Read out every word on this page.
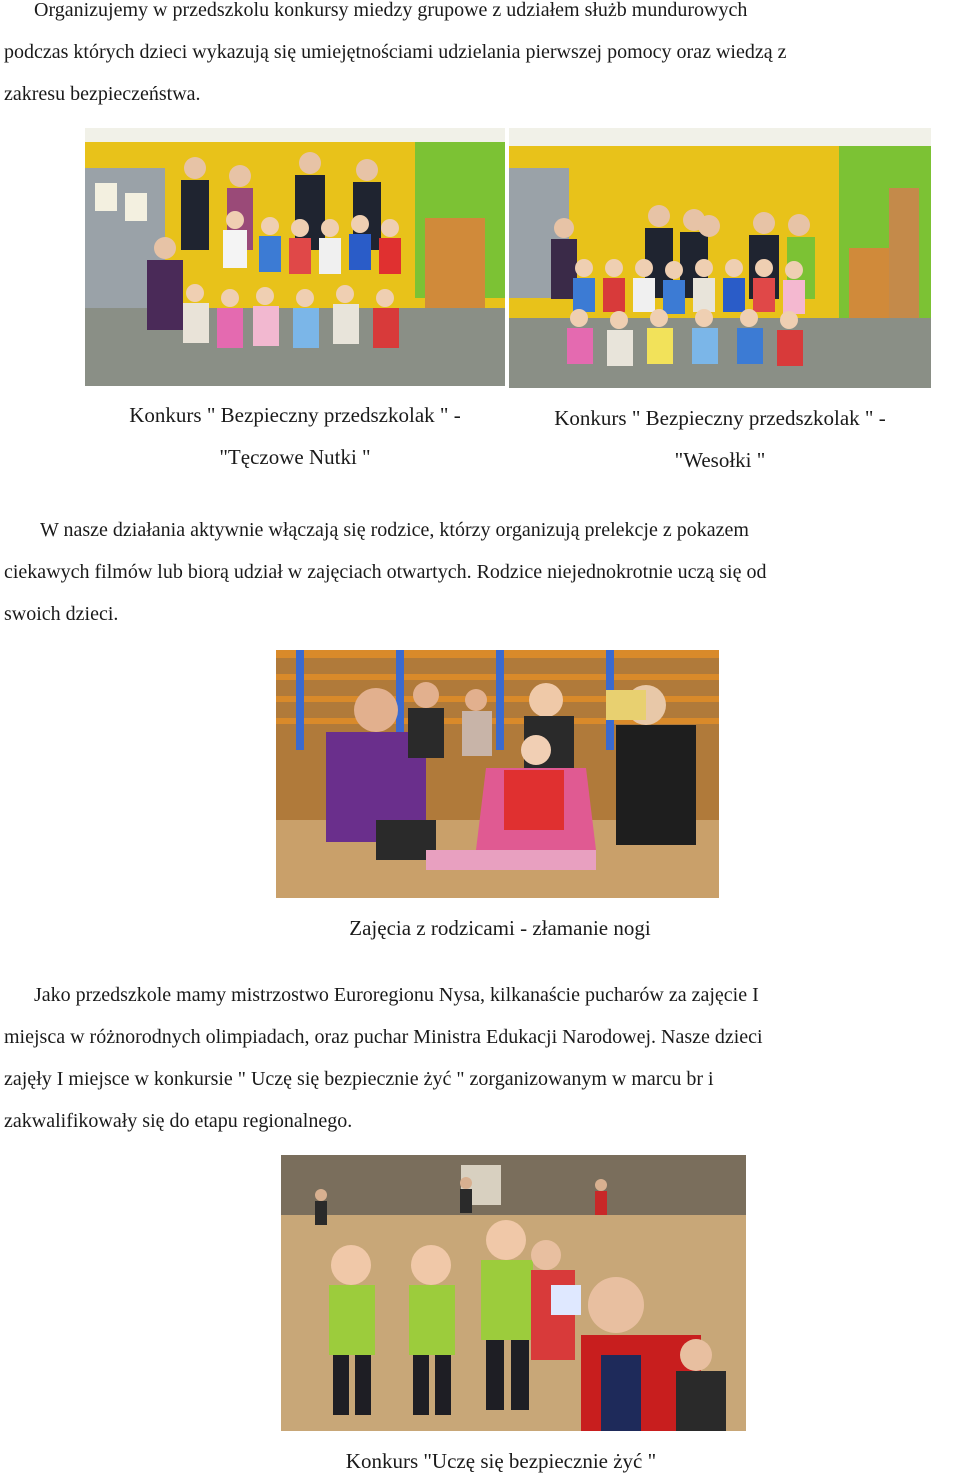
Organizujemy w przedszkolu konkursy miedzy grupowe z udziałem służb mundurowych
podczas których dzieci wykazują się umiejętnościami udzielania pierwszej pomocy oraz wiedzą z
zakresu bezpieczeństwa.
Konkurs " Bezpieczny przedszkolak " -
"Tęczowe Nutki "
Konkurs " Bezpieczny przedszkolak " -
"Wesołki "
W nasze działania aktywnie włączają się rodzice, którzy organizują prelekcje z pokazem
ciekawych filmów lub biorą udział w zajęciach otwartych. Rodzice niejednokrotnie uczą się od
swoich dzieci.
Zajęcia z rodzicami - złamanie nogi
Jako przedszkole mamy mistrzostwo Euroregionu Nysa, kilkanaście pucharów za zajęcie I
miejsca w różnorodnych olimpiadach, oraz puchar Ministra Edukacji Narodowej. Nasze dzieci
zajęły I miejsce w konkursie " Uczę się bezpiecznie żyć " zorganizowanym w marcu br i
zakwalifikowały się do etapu regionalnego.
Konkurs "Uczę się bezpiecznie żyć "
